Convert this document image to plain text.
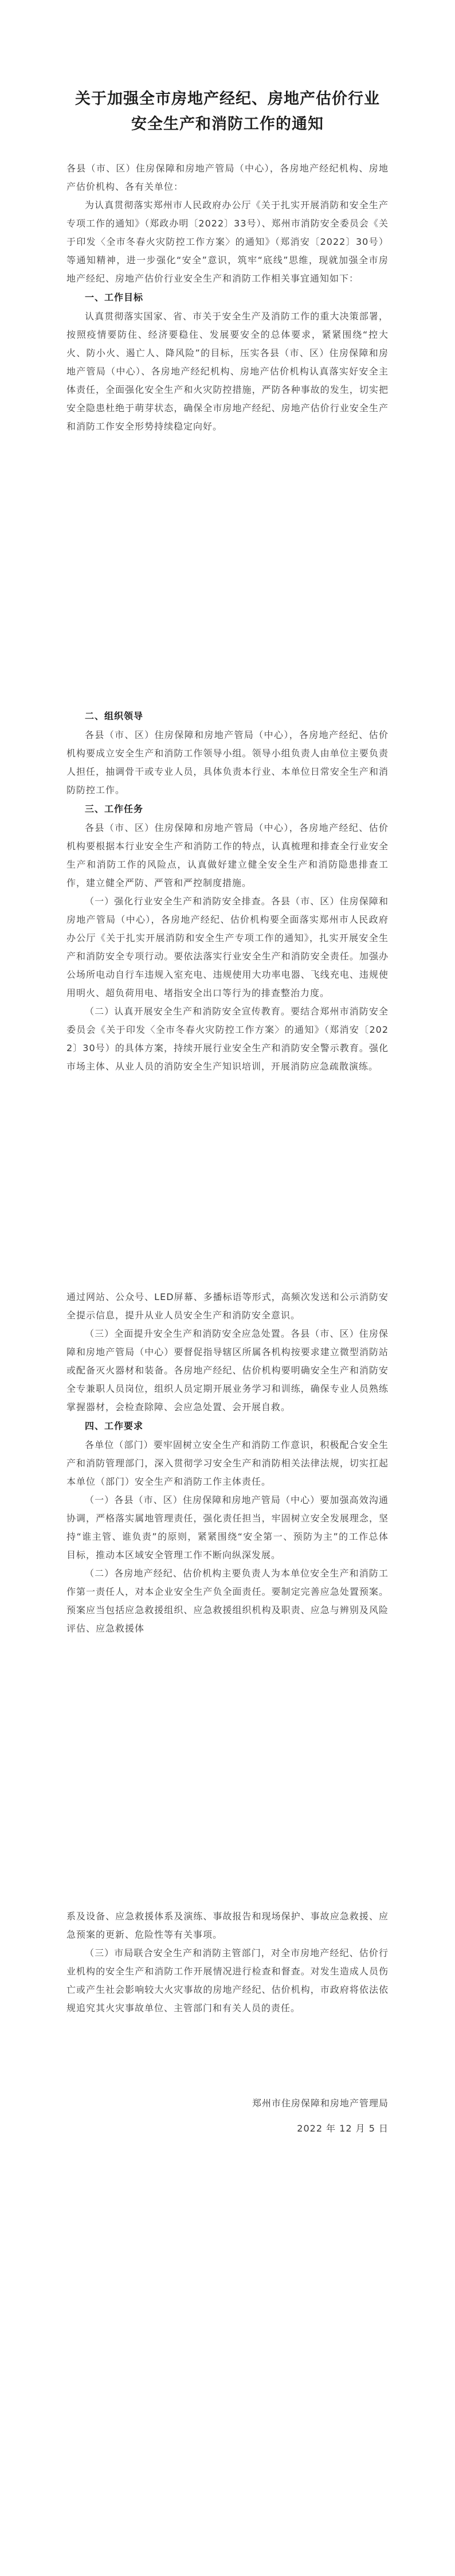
关于加强全市房地产经纪、房地产估价行业
安全生产和消防工作的通知

各县（市、区）住房保障和房地产管局（中心），各房地产经纪机构、房地产估价机构、各有关单位：

为认真贯彻落实郑州市人民政府办公厅《关于扎实开展消防和安全生产专项工作的通知》（郑政办明〔2022〕33号）、郑州市消防安全委员会《关于印发〈全市冬春火灾防控工作方案〉的通知》（郑消安〔2022〕30号）等通知精神，进一步强化“安全”意识，筑牢“底线”思维，现就加强全市房地产经纪、房地产估价行业安全生产和消防工作相关事宜通知如下：

一、工作目标

认真贯彻落实国家、省、市关于安全生产及消防工作的重大决策部署，按照疫情要防住、经济要稳住、发展要安全的总体要求，紧紧围绕“控大火、防小火、遏亡人、降风险”的目标，压实各县（市、区）住房保障和房地产管局（中心）、各房地产经纪机构、房地产估价机构认真落实好安全主体责任，全面强化安全生产和火灾防控措施，严防各种事故的发生，切实把安全隐患杜绝于萌芽状态，确保全市房地产经纪、房地产估价行业安全生产和消防工作安全形势持续稳定向好。

二、组织领导

各县（市、区）住房保障和房地产管局（中心），各房地产经纪、估价机构要成立安全生产和消防工作领导小组。领导小组负责人由单位主要负责人担任，抽调骨干或专业人员，具体负责本行业、本单位日常安全生产和消防防控工作。

三、工作任务

各县（市、区）住房保障和房地产管局（中心），各房地产经纪、估价机构要根据本行业安全生产和消防工作的特点，认真梳理和排查全行业安全生产和消防工作的风险点，认真做好建立健全安全生产和消防隐患排查工作，建立健全严防、严管和严控制度措施。

（一）强化行业安全生产和消防安全排查。各县（市、区）住房保障和房地产管局（中心），各房地产经纪、估价机构要全面落实郑州市人民政府办公厅《关于扎实开展消防和安全生产专项工作的通知》，扎实开展安全生产和消防安全专项行动。要依法落实行业安全生产和消防安全责任。加强办公场所电动自行车违规入室充电、违规使用大功率电器、飞线充电、违规使用明火、超负荷用电、堵指安全出口等行为的排查整治力度。

（二）认真开展安全生产和消防安全宣传教育。要结合郑州市消防安全委员会《关于印发〈全市冬春火灾防控工作方案〉的通知》（郑消安〔2022〕30号）的具体方案，持续开展行业安全生产和消防安全警示教育。强化市场主体、从业人员的消防安全生产知识培训，开展消防应急疏散演练。

通过网站、公众号、LED屏幕、多播标语等形式，高频次发送和公示消防安全提示信息，提升从业人员安全生产和消防安全意识。

（三）全面提升安全生产和消防安全应急处置。各县（市、区）住房保障和房地产管局（中心）要督促指导辖区所属各机构按要求建立微型消防站或配备灭火器材和装备。各房地产经纪、估价机构要明确安全生产和消防安全专兼职人员岗位，组织人员定期开展业务学习和训练，确保专业人员熟练掌握器材，会检查除障、会应急处置、会开展自救。

四、工作要求

各单位（部门）要牢固树立安全生产和消防工作意识，积极配合安全生产和消防管理部门，深入贯彻学习安全生产和消防相关法律法规，切实扛起本单位（部门）安全生产和消防工作主体责任。

（一）各县（市、区）住房保障和房地产管局（中心）要加强高效沟通协调，严格落实属地管理责任，强化责任担当，牢固树立安全发展理念，坚持“谁主管、谁负责”的原则，紧紧围绕“安全第一、预防为主”的工作总体目标，推动本区域安全管理工作不断向纵深发展。

（二）各房地产经纪、估价机构主要负责人为本单位安全生产和消防工作第一责任人，对本企业安全生产负全面责任。要制定完善应急处置预案。预案应当包括应急救援组织、应急救援组织机构及职责、应急与辨别及风险评估、应急救援体

系及设备、应急救援体系及演练、事故报告和现场保护、事故应急救援、应急预案的更新、危险性等有关事项。

（三）市局联合安全生产和消防主管部门，对全市房地产经纪、估价行业机构的安全生产和消防工作开展情况进行检查和督查。对发生造成人员伤亡或产生社会影响较大火灾事故的房地产经纪、估价机构，市政府将依法依规追究其火灾事故单位、主管部门和有关人员的责任。

郑州市住房保障和房地产管理局
2022 年 12 月 5 日
